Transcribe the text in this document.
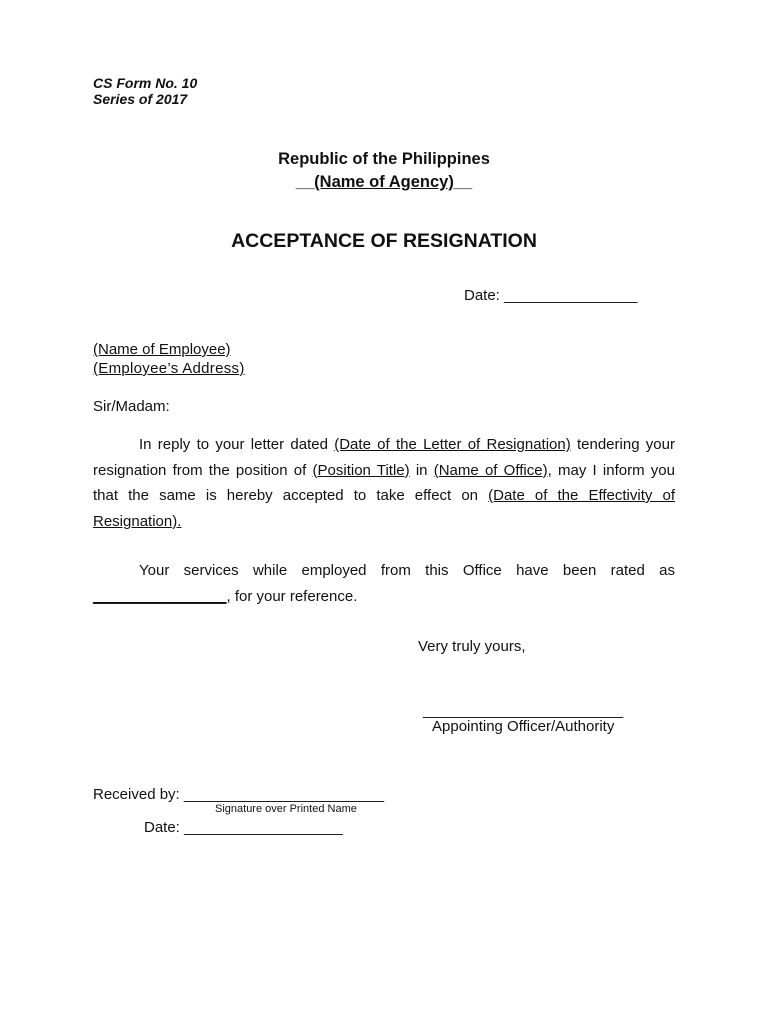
CS Form No. 10
Series of 2017
Republic of the Philippines
__(Name of Agency)__
ACCEPTANCE OF RESIGNATION
Date: ________________
(Name of Employee)
(Employee’s Address)
Sir/Madam:
In reply to your letter dated (Date of the Letter of Resignation) tendering your resignation from the position of (Position Title) in (Name of Office), may I inform you that the same is hereby accepted to take effect on (Date of the Effectivity of Resignation).
Your services while employed from this Office have been rated as ________________, for your reference.
Very truly yours,
________________________
Appointing Officer/Authority
Received by: ________________________
Signature over Printed Name
Date: ___________________
